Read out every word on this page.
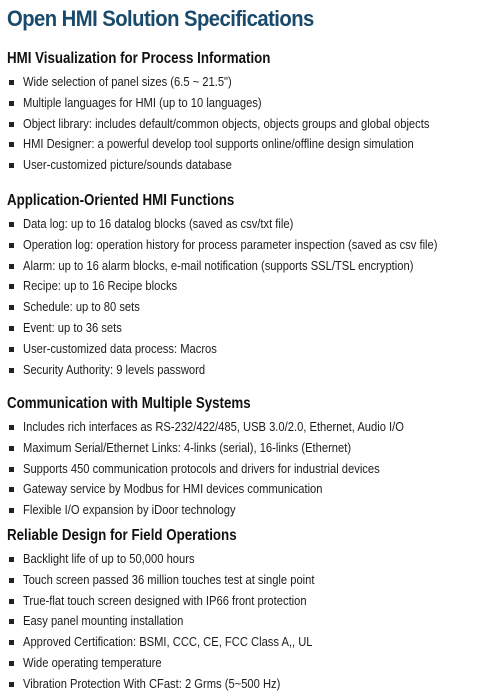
Open HMI Solution Specifications
HMI Visualization for Process Information
Wide selection of panel sizes (6.5 ~ 21.5")
Multiple languages for HMI (up to 10 languages)
Object library: includes default/common objects, objects groups and global objects
HMI Designer: a powerful develop tool supports online/offline design simulation
User-customized picture/sounds database
Application-Oriented HMI Functions
Data log: up to 16 datalog blocks (saved as csv/txt file)
Operation log: operation history for process parameter inspection (saved as csv file)
Alarm: up to 16 alarm blocks, e-mail notification (supports SSL/TSL encryption)
Recipe: up to 16 Recipe blocks
Schedule: up to 80 sets
Event: up to 36 sets
User-customized data process: Macros
Security Authority: 9 levels password
Communication with Multiple Systems
Includes rich interfaces as RS-232/422/485, USB 3.0/2.0, Ethernet, Audio I/O
Maximum Serial/Ethernet Links: 4-links (serial), 16-links (Ethernet)
Supports 450 communication protocols and drivers for industrial devices
Gateway service by Modbus for HMI devices communication
Flexible I/O expansion by iDoor technology
Reliable Design for Field Operations
Backlight life of up to 50,000 hours
Touch screen passed 36 million touches test at single point
True-flat touch screen designed with IP66 front protection
Easy panel mounting installation
Approved Certification: BSMI, CCC, CE, FCC Class A,, UL
Wide operating temperature
Vibration Protection With CFast: 2 Grms (5~500 Hz)
